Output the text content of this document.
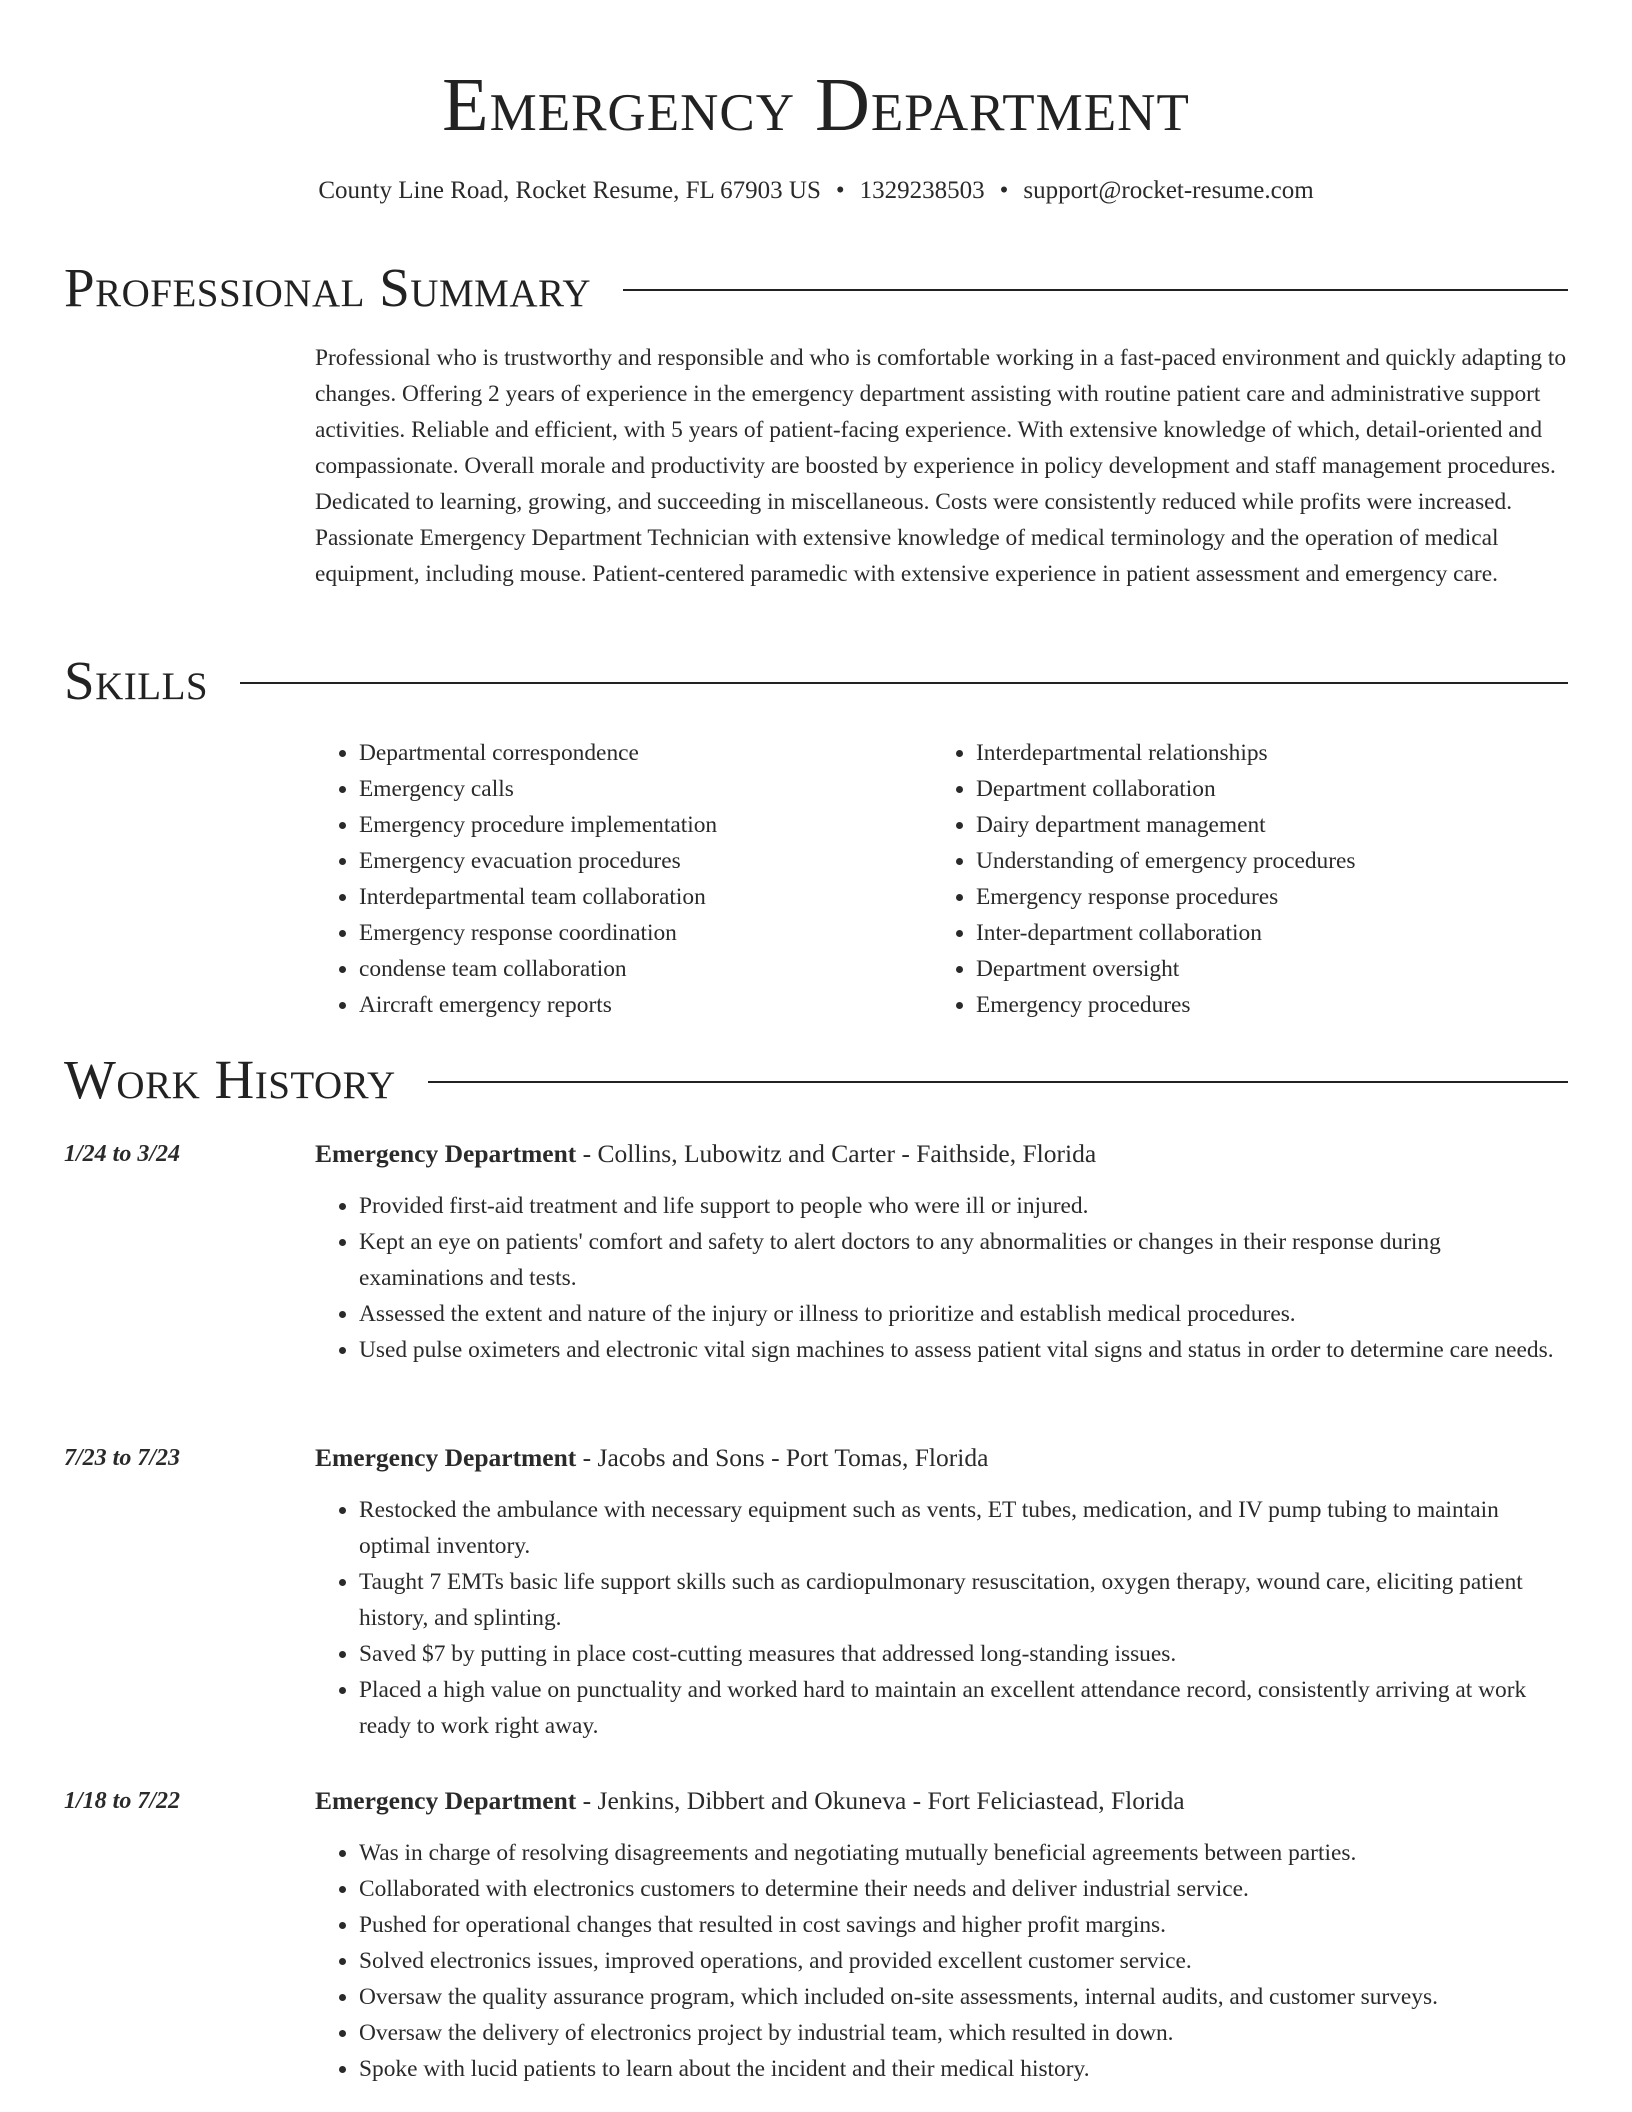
Emergency Department
County Line Road, Rocket Resume, FL 67903 US • 1329238503 • support@rocket-resume.com
Professional Summary

Professional who is trustworthy and responsible and who is comfortable working in a fast-paced environment and quickly adapting to changes. Offering 2 years of experience in the emergency department assisting with routine patient care and administrative support activities. Reliable and efficient, with 5 years of patient-facing experience. With extensive knowledge of which, detail-oriented and compassionate. Overall morale and productivity are boosted by experience in policy development and staff management procedures. Dedicated to learning, growing, and succeeding in miscellaneous. Costs were consistently reduced while profits were increased. Passionate Emergency Department Technician with extensive knowledge of medical terminology and the operation of medical equipment, including mouse. Patient-centered paramedic with extensive experience in patient assessment and emergency care.

Skills
• Departmental correspondence
• Emergency calls
• Emergency procedure implementation
• Emergency evacuation procedures
• Interdepartmental team collaboration
• Emergency response coordination
• condense team collaboration
• Aircraft emergency reports
• Interdepartmental relationships
• Department collaboration
• Dairy department management
• Understanding of emergency procedures
• Emergency response procedures
• Inter-department collaboration
• Department oversight
• Emergency procedures
Work History
1/24 to 3/24	Emergency Department - Collins, Lubowitz and Carter - Faithside, Florida
• Provided first-aid treatment and life support to people who were ill or injured.
• Kept an eye on patients' comfort and safety to alert doctors to any abnormalities or changes in their response during examinations and tests.
• Assessed the extent and nature of the injury or illness to prioritize and establish medical procedures.
• Used pulse oximeters and electronic vital sign machines to assess patient vital signs and status in order to determine care needs.
7/23 to 7/23	Emergency Department - Jacobs and Sons - Port Tomas, Florida
• Restocked the ambulance with necessary equipment such as vents, ET tubes, medication, and IV pump tubing to maintain optimal inventory.
• Taught 7 EMTs basic life support skills such as cardiopulmonary resuscitation, oxygen therapy, wound care, eliciting patient history, and splinting.
• Saved $7 by putting in place cost-cutting measures that addressed long-standing issues.
• Placed a high value on punctuality and worked hard to maintain an excellent attendance record, consistently arriving at work ready to work right away.
1/18 to 7/22	Emergency Department - Jenkins, Dibbert and Okuneva - Fort Feliciastead, Florida
• Was in charge of resolving disagreements and negotiating mutually beneficial agreements between parties.
• Collaborated with electronics customers to determine their needs and deliver industrial service.
• Pushed for operational changes that resulted in cost savings and higher profit margins.
• Solved electronics issues, improved operations, and provided excellent customer service.
• Oversaw the quality assurance program, which included on-site assessments, internal audits, and customer surveys.
• Oversaw the delivery of electronics project by industrial team, which resulted in down.
• Spoke with lucid patients to learn about the incident and their medical history.
